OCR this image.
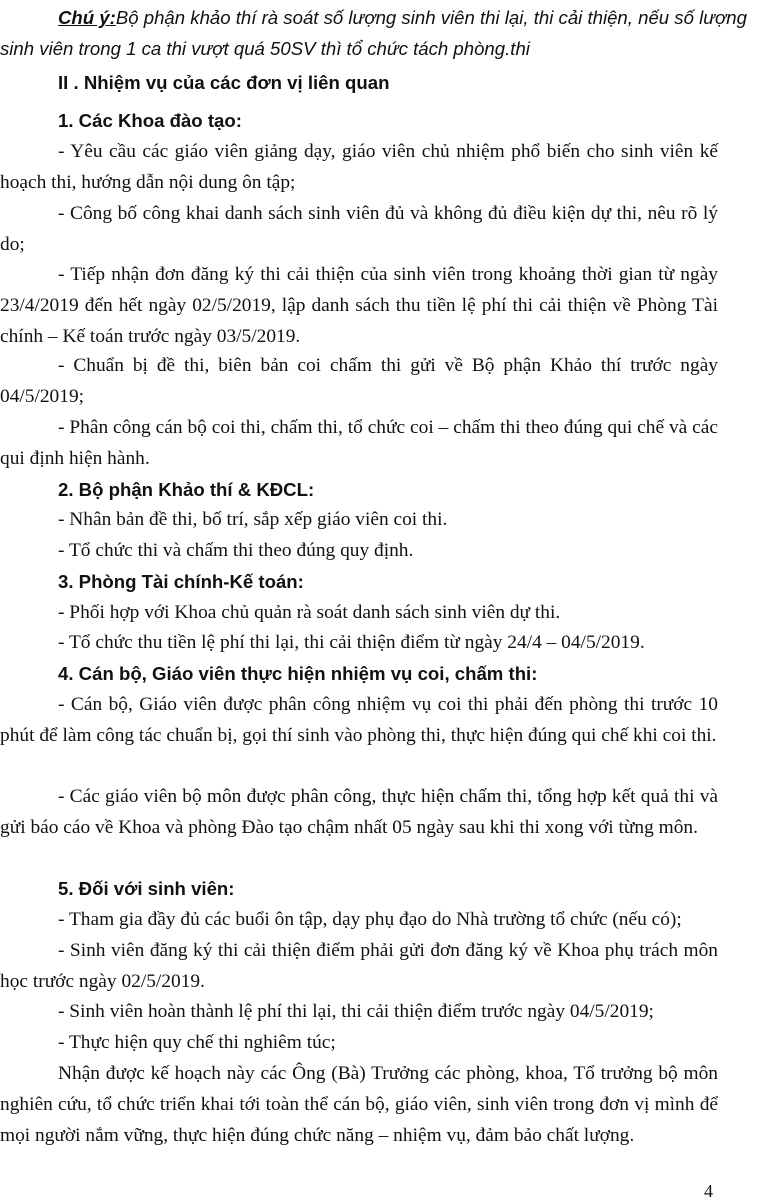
Chú ý:Bộ phận khảo thí rà soát số lượng sinh viên thi lại, thi cải thiện, nếu số lượng sinh viên trong 1 ca thi vượt quá 50SV thì tổ chức tách phòng.thi

II . Nhiệm vụ của các đơn vị liên quan

1. Các Khoa đào tạo:

- Yêu cầu các giáo viên giảng dạy, giáo viên chủ nhiệm phổ biến cho sinh viên kế hoạch thi, hướng dẫn nội dung ôn tập;

- Công bố công khai danh sách sinh viên đủ và không đủ điều kiện dự thi, nêu rõ lý do;

- Tiếp nhận đơn đăng ký thi cải thiện của sinh viên trong khoảng thời gian từ ngày 23/4/2019 đến hết ngày 02/5/2019, lập danh sách thu tiền lệ phí thi cải thiện về Phòng Tài chính – Kế toán trước ngày 03/5/2019.

- Chuẩn bị đề thi, biên bản coi chấm thi gửi về Bộ phận Khảo thí trước ngày 04/5/2019;

- Phân công cán bộ coi thi, chấm thi, tổ chức coi – chấm thi theo đúng qui chế và các qui định hiện hành.

2. Bộ phận Khảo thí & KĐCL:

- Nhân bản đề thi, bố trí, sắp xếp giáo viên coi thi.

- Tổ chức thi và chấm thi theo đúng quy định.

3. Phòng Tài chính-Kế toán:

- Phối hợp với Khoa chủ quản rà soát danh sách sinh viên dự thi.

- Tổ chức thu tiền lệ phí thi lại, thi cải thiện điểm từ ngày 24/4 – 04/5/2019.

4. Cán bộ, Giáo viên thực hiện nhiệm vụ coi, chấm thi:

- Cán bộ, Giáo viên được phân công nhiệm vụ coi thi phải đến phòng thi trước 10 phút để làm công tác chuẩn bị, gọi thí sinh vào phòng thi, thực hiện đúng qui chế khi coi thi.

- Các giáo viên bộ môn được phân công, thực hiện chấm thi, tổng hợp kết quả thi và gửi báo cáo về Khoa và phòng Đào tạo chậm nhất 05 ngày sau khi thi xong với từng môn.

5. Đối với sinh viên:

- Tham gia đầy đủ các buổi ôn tập, dạy phụ đạo do Nhà trường tổ chức (nếu có);

- Sinh viên đăng ký thi cải thiện điểm phải gửi đơn đăng ký về Khoa phụ trách môn học trước ngày 02/5/2019.

- Sinh viên hoàn thành lệ phí thi lại, thi cải thiện điểm trước ngày 04/5/2019;

- Thực hiện quy chế thi nghiêm túc;

Nhận được kế hoạch này các Ông (Bà) Trưởng các phòng, khoa, Tổ trưởng bộ môn nghiên cứu, tổ chức triển khai tới toàn thể cán bộ, giáo viên, sinh viên trong đơn vị mình để mọi người nắm vững, thực hiện đúng chức năng – nhiệm vụ, đảm bảo chất lượng.

4
